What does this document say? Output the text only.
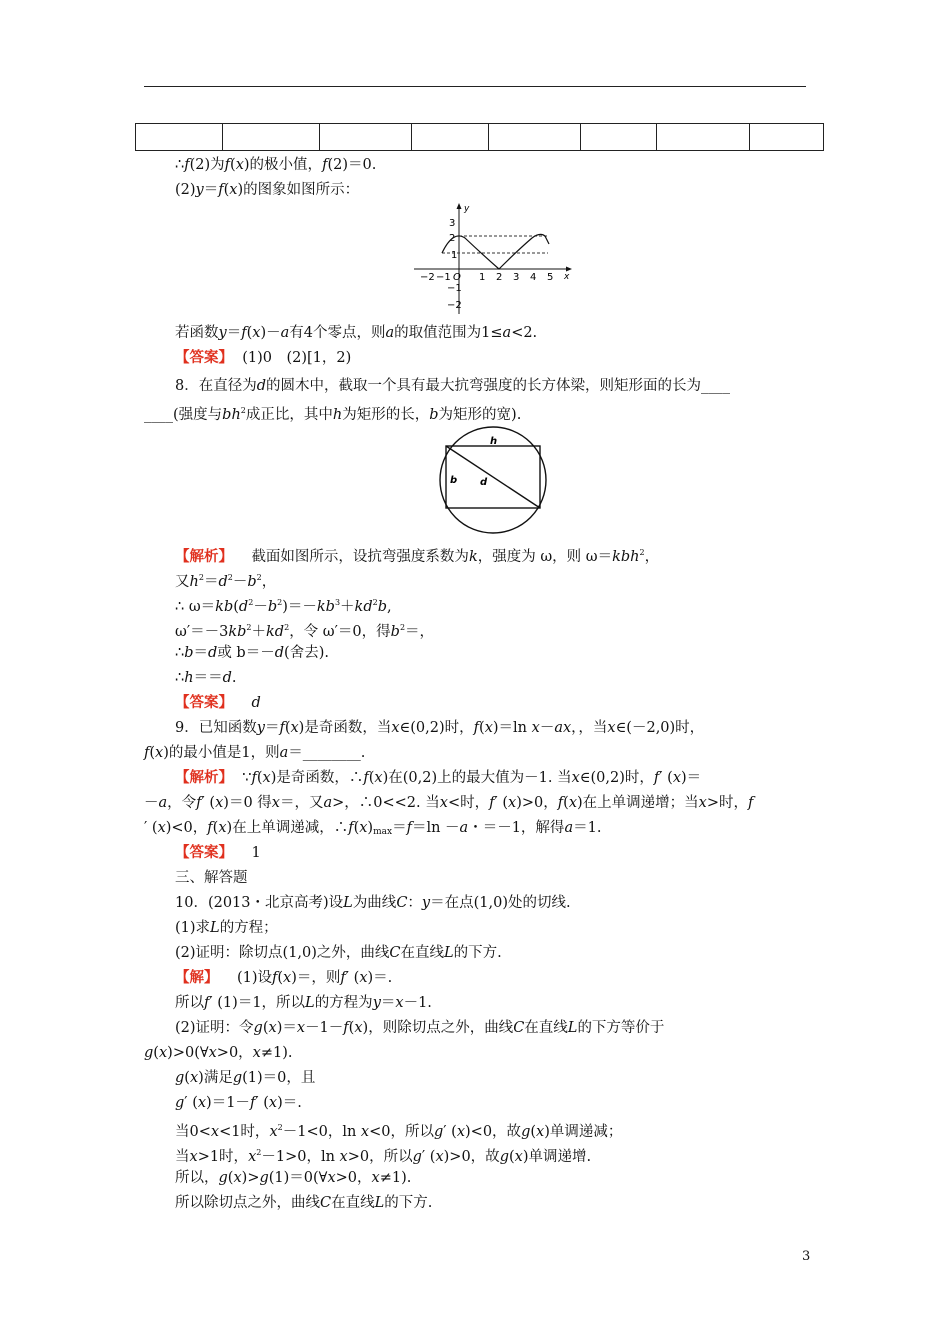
∴f(2)为f(x)的极小值，f(2)＝0.
(2)y＝f(x)的图象如图所示：
y
x
3
2
1
−1
−2
−2 −1 O 1 2 3 4 5
若函数y＝f(x)－a有4个零点，则a的取值范围为1≤a<2.
【答案】 (1)0　(2)[1，2)
8．在直径为d的圆木中，截取一个具有最大抗弯强度的长方体梁，则矩形面的长为____
____(强度与$bh^2$成正比，其中h为矩形的长，b为矩形的宽).
h
b d
【解析】 截面如图所示，设抗弯强度系数为k，强度为 ω，则 ω＝kbh$^2$，
又$h^2=d^2-b^2$，
∴ $\omega=kb(d^2-b^2)=-kb^3+kd^2b$,
$\omega'=-3kb^2+kd^2$，令 ω′＝0，得$b^2=$，
∴b＝d或 b＝－d(舍去).
∴h＝＝d.
【答案】 d
9．已知函数y＝f(x)是奇函数，当x∈(0,2)时，f(x)＝ln x－ax，，当x∈(－2,0)时，
f(x)的最小值是1，则a＝________.
【解析】 ∵f(x)是奇函数，∴f(x)在(0,2)上的最大值为－1. 当x∈(0,2)时，f′ (x)＝
－a，令f′ (x)＝0 得x＝，又a>，∴0<<2. 当x<时，f′ (x)>0，f(x)在上单调递增；当x>时，f
′ (x)<0，f(x)在上单调递减，$\therefore f(x)_{max}=f=\ln -a$・＝－1，解得a＝1.
【答案】 1
三、解答题
10．(2013・北京高考)设L为曲线C：y＝在点(1,0)处的切线.
(1)求L的方程；
(2)证明：除切点(1,0)之外，曲线C在直线L的下方.
【解】 (1)设f(x)＝，则f′ (x)＝.
所以f′ (1)＝1，所以L的方程为y＝x－1.
(2)证明：令g(x)＝x－1－f(x)，则除切点之外，曲线C在直线L的下方等价于
g(x)>0(∀x>0，x≠1).
g(x)满足g(1)＝0，且
g′ (x)＝1－f′ (x)＝.
当0<x<1时，$x^2-1<0$，ln x<0，所以g′ (x)<0，故g(x)单调递减；
当x>1时，$x^2-1>0$，ln x>0，所以g′ (x)>0，故g(x)单调递增.
所以，g(x)>g(1)＝0(∀x>0，x≠1).
所以除切点之外，曲线C在直线L的下方.
3
